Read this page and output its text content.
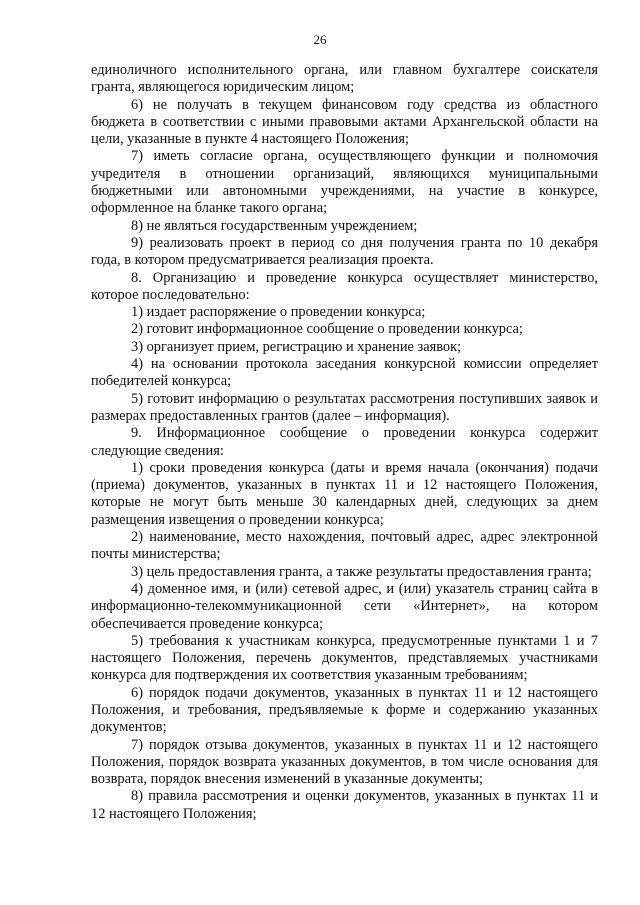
26

единоличного исполнительного органа, или главном бухгалтере соискателя гранта, являющегося юридическим лицом;

6) не получать в текущем финансовом году средства из областного бюджета в соответствии с иными правовыми актами Архангельской области на цели, указанные в пункте 4 настоящего Положения;

7) иметь согласие органа, осуществляющего функции и полномочия учредителя в отношении организаций, являющихся муниципальными бюджетными или автономными учреждениями, на участие в конкурсе, оформленное на бланке такого органа;

8) не являться государственным учреждением;

9) реализовать проект в период со дня получения гранта по 10 декабря года, в котором предусматривается реализация проекта.

8. Организацию и проведение конкурса осуществляет министерство, которое последовательно:

1) издает распоряжение о проведении конкурса;

2) готовит информационное сообщение о проведении конкурса;

3) организует прием, регистрацию и хранение заявок;

4) на основании протокола заседания конкурсной комиссии определяет победителей конкурса;

5) готовит информацию о результатах рассмотрения поступивших заявок и размерах предоставленных грантов (далее – информация).

9. Информационное сообщение о проведении конкурса содержит следующие сведения:

1) сроки проведения конкурса (даты и время начала (окончания) подачи (приема) документов, указанных в пунктах 11 и 12 настоящего Положения, которые не могут быть меньше 30 календарных дней, следующих за днем размещения извещения о проведении конкурса;

2) наименование, место нахождения, почтовый адрес, адрес электронной почты министерства;

3) цель предоставления гранта, а также результаты предоставления гранта;

4) доменное имя, и (или) сетевой адрес, и (или) указатель страниц сайта в информационно-телекоммуникационной сети «Интернет», на котором обеспечивается проведение конкурса;

5) требования к участникам конкурса, предусмотренные пунктами 1 и 7 настоящего Положения, перечень документов, представляемых участниками конкурса для подтверждения их соответствия указанным требованиям;

6) порядок подачи документов, указанных в пунктах 11 и 12 настоящего Положения, и требования, предъявляемые к форме и содержанию указанных документов;

7) порядок отзыва документов, указанных в пунктах 11 и 12 настоящего Положения, порядок возврата указанных документов, в том числе основания для возврата, порядок внесения изменений в указанные документы;

8) правила рассмотрения и оценки документов, указанных в пунктах 11 и 12 настоящего Положения;
